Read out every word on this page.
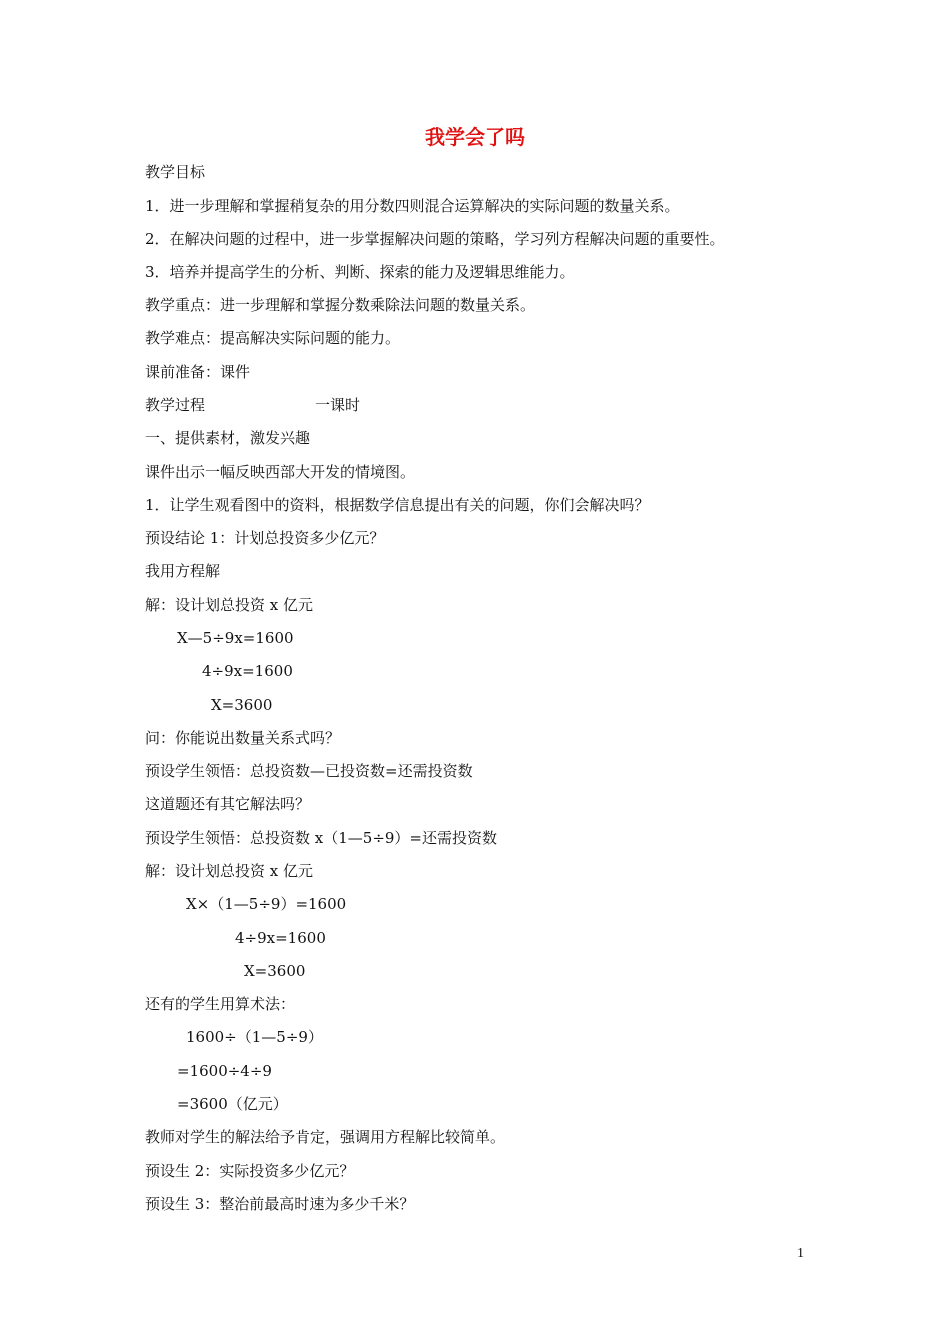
我学会了吗
教学目标
1．进一步理解和掌握稍复杂的用分数四则混合运算解决的实际问题的数量关系。
2．在解决问题的过程中，进一步掌握解决问题的策略，学习列方程解决问题的重要性。
3．培养并提高学生的分析、判断、探索的能力及逻辑思维能力。
教学重点：进一步理解和掌握分数乘除法问题的数量关系。
教学难点：提高解决实际问题的能力。
课前准备：课件
教学过程	一课时
一、提供素材，激发兴趣
课件出示一幅反映西部大开发的情境图。
1．让学生观看图中的资料，根据数学信息提出有关的问题，你们会解决吗？
预设结论 1：计划总投资多少亿元？
我用方程解
解：设计划总投资 x 亿元
X—5÷9x=1600
4÷9x=1600
X=3600
问：你能说出数量关系式吗？
预设学生领悟：总投资数—已投资数=还需投资数
这道题还有其它解法吗？
预设学生领悟：总投资数 x（1—5÷9）=还需投资数
解：设计划总投资 x 亿元
X×（1—5÷9）=1600
4÷9x=1600
X=3600
还有的学生用算术法：
1600÷（1—5÷9）
=1600÷4÷9
=3600（亿元）
教师对学生的解法给予肯定，强调用方程解比较简单。
预设生 2：实际投资多少亿元？
预设生 3：整治前最高时速为多少千米？
1
